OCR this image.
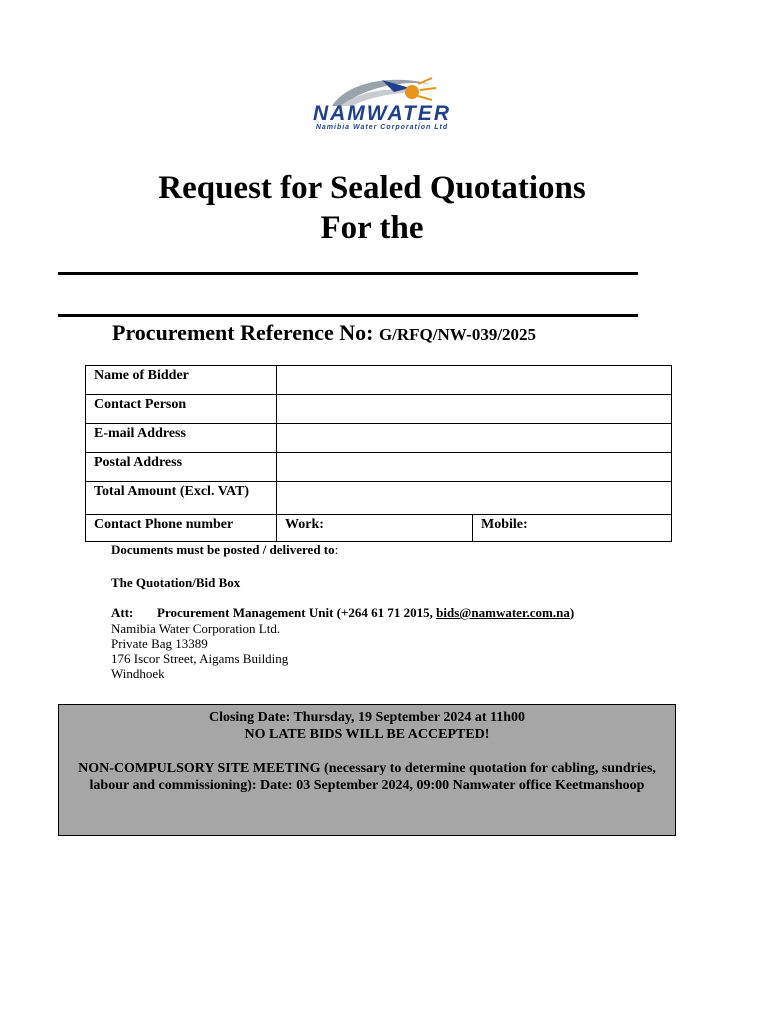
NAMWATER
Namibia Water Corporation Ltd
Request for Sealed Quotations
For the
Procurement Reference No: G/RFQ/NW-039/2025
Name of Bidder		
Contact Person		
E-mail Address		
Postal Address		
Total Amount (Excl. VAT)		
Contact Phone number	Work:	Mobile:
Documents must be posted / delivered to:
The Quotation/Bid Box
Att: Procurement Management Unit (+264 61 71 2015, bids@namwater.com.na)
Namibia Water Corporation Ltd.
Private Bag 13389
176 Iscor Street, Aigams Building
Windhoek
Closing Date: Thursday, 19 September 2024 at 11h00
NO LATE BIDS WILL BE ACCEPTED!
NON-COMPULSORY SITE MEETING (necessary to determine quotation for cabling, sundries, labour and commissioning): Date: 03 September 2024, 09:00 Namwater office Keetmanshoop
